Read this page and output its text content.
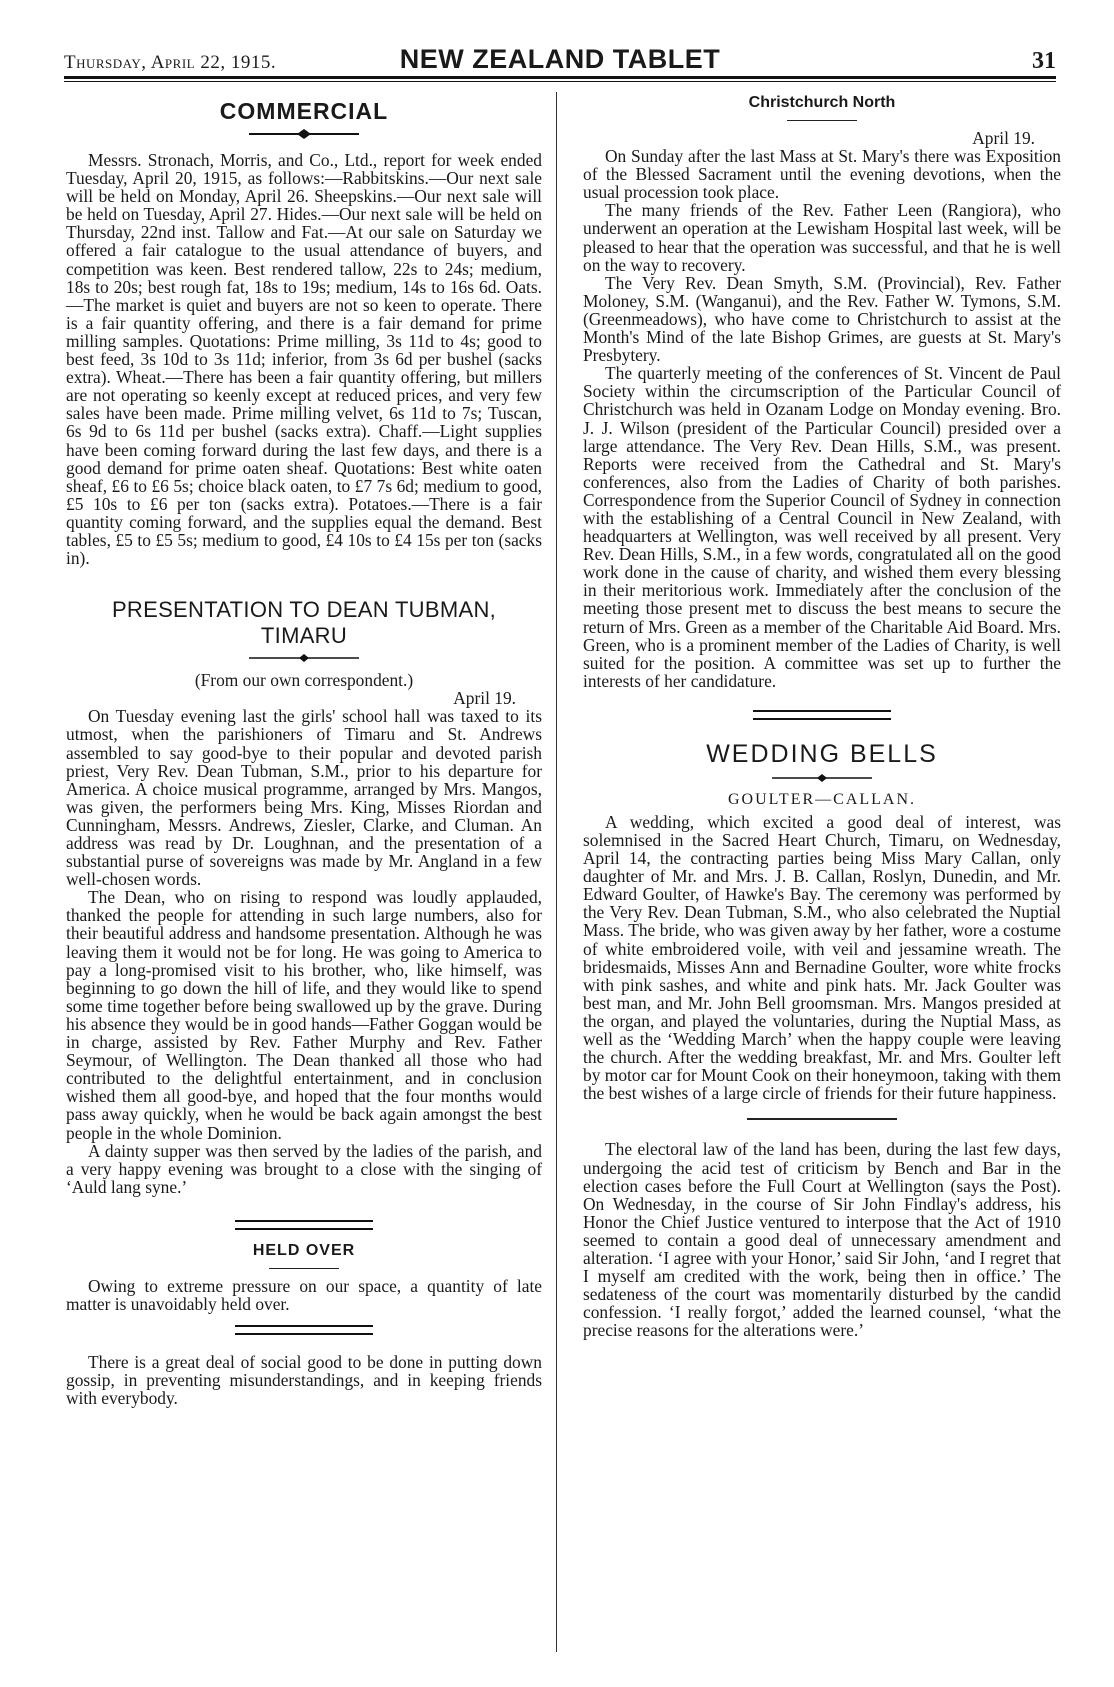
Thursday, April 22, 1915.	NEW ZEALAND TABLET	31
COMMERCIAL

Messrs. Stronach, Morris, and Co., Ltd., report for week ended Tuesday, April 20, 1915, as follows:—Rabbitskins.—Our next sale will be held on Monday, April 26. Sheepskins.—Our next sale will be held on Tuesday, April 27. Hides.—Our next sale will be held on Thursday, 22nd inst. Tallow and Fat.—At our sale on Saturday we offered a fair catalogue to the usual attendance of buyers, and competition was keen. Best rendered tallow, 22s to 24s; medium, 18s to 20s; best rough fat, 18s to 19s; medium, 14s to 16s 6d. Oats.—The market is quiet and buyers are not so keen to operate. There is a fair quantity offering, and there is a fair demand for prime milling samples. Quotations: Prime milling, 3s 11d to 4s; good to best feed, 3s 10d to 3s 11d; inferior, from 3s 6d per bushel (sacks extra). Wheat.—There has been a fair quantity offering, but millers are not operating so keenly except at reduced prices, and very few sales have been made. Prime milling velvet, 6s 11d to 7s; Tuscan, 6s 9d to 6s 11d per bushel (sacks extra). Chaff.—Light supplies have been coming forward during the last few days, and there is a good demand for prime oaten sheaf. Quotations: Best white oaten sheaf, £6 to £6 5s; choice black oaten, to £7 7s 6d; medium to good, £5 10s to £6 per ton (sacks extra). Potatoes.—There is a fair quantity coming forward, and the supplies equal the demand. Best tables, £5 to £5 5s; medium to good, £4 10s to £4 15s per ton (sacks in).

PRESENTATION TO DEAN TUBMAN, TIMARU
(From our own correspondent.)
April 19.

On Tuesday evening last the girls' school hall was taxed to its utmost, when the parishioners of Timaru and St. Andrews assembled to say good-bye to their popular and devoted parish priest, Very Rev. Dean Tubman, S.M., prior to his departure for America. A choice musical programme, arranged by Mrs. Mangos, was given, the performers being Mrs. King, Misses Riordan and Cunningham, Messrs. Andrews, Ziesler, Clarke, and Cluman. An address was read by Dr. Loughnan, and the presentation of a substantial purse of sovereigns was made by Mr. Angland in a few well-chosen words.

The Dean, who on rising to respond was loudly applauded, thanked the people for attending in such large numbers, also for their beautiful address and handsome presentation. Although he was leaving them it would not be for long. He was going to America to pay a long-promised visit to his brother, who, like himself, was beginning to go down the hill of life, and they would like to spend some time together before being swallowed up by the grave. During his absence they would be in good hands—Father Goggan would be in charge, assisted by Rev. Father Murphy and Rev. Father Seymour, of Wellington. The Dean thanked all those who had contributed to the delightful entertainment, and in conclusion wished them all good-bye, and hoped that the four months would pass away quickly, when he would be back again amongst the best people in the whole Dominion.

A dainty supper was then served by the ladies of the parish, and a very happy evening was brought to a close with the singing of ‘Auld lang syne.’

HELD OVER

Owing to extreme pressure on our space, a quantity of late matter is unavoidably held over.

There is a great deal of social good to be done in putting down gossip, in preventing misunderstandings, and in keeping friends with everybody.

Christchurch North
April 19.

On Sunday after the last Mass at St. Mary's there was Exposition of the Blessed Sacrament until the evening devotions, when the usual procession took place.

The many friends of the Rev. Father Leen (Rangiora), who underwent an operation at the Lewisham Hospital last week, will be pleased to hear that the operation was successful, and that he is well on the way to recovery.

The Very Rev. Dean Smyth, S.M. (Provincial), Rev. Father Moloney, S.M. (Wanganui), and the Rev. Father W. Tymons, S.M. (Greenmeadows), who have come to Christchurch to assist at the Month's Mind of the late Bishop Grimes, are guests at St. Mary's Presbytery.

The quarterly meeting of the conferences of St. Vincent de Paul Society within the circumscription of the Particular Council of Christchurch was held in Ozanam Lodge on Monday evening. Bro. J. J. Wilson (president of the Particular Council) presided over a large attendance. The Very Rev. Dean Hills, S.M., was present. Reports were received from the Cathedral and St. Mary's conferences, also from the Ladies of Charity of both parishes. Correspondence from the Superior Council of Sydney in connection with the establishing of a Central Council in New Zealand, with headquarters at Wellington, was well received by all present. Very Rev. Dean Hills, S.M., in a few words, congratulated all on the good work done in the cause of charity, and wished them every blessing in their meritorious work. Immediately after the conclusion of the meeting those present met to discuss the best means to secure the return of Mrs. Green as a member of the Charitable Aid Board. Mrs. Green, who is a prominent member of the Ladies of Charity, is well suited for the position. A committee was set up to further the interests of her candidature.

WEDDING BELLS
GOULTER—CALLAN.

A wedding, which excited a good deal of interest, was solemnised in the Sacred Heart Church, Timaru, on Wednesday, April 14, the contracting parties being Miss Mary Callan, only daughter of Mr. and Mrs. J. B. Callan, Roslyn, Dunedin, and Mr. Edward Goulter, of Hawke's Bay. The ceremony was performed by the Very Rev. Dean Tubman, S.M., who also celebrated the Nuptial Mass. The bride, who was given away by her father, wore a costume of white embroidered voile, with veil and jessamine wreath. The bridesmaids, Misses Ann and Bernadine Goulter, wore white frocks with pink sashes, and white and pink hats. Mr. Jack Goulter was best man, and Mr. John Bell groomsman. Mrs. Mangos presided at the organ, and played the voluntaries, during the Nuptial Mass, as well as the ‘Wedding March’ when the happy couple were leaving the church. After the wedding breakfast, Mr. and Mrs. Goulter left by motor car for Mount Cook on their honeymoon, taking with them the best wishes of a large circle of friends for their future happiness.

The electoral law of the land has been, during the last few days, undergoing the acid test of criticism by Bench and Bar in the election cases before the Full Court at Wellington (says the Post). On Wednesday, in the course of Sir John Findlay's address, his Honor the Chief Justice ventured to interpose that the Act of 1910 seemed to contain a good deal of unnecessary amendment and alteration. ‘I agree with your Honor,’ said Sir John, ‘and I regret that I myself am credited with the work, being then in office.’ The sedateness of the court was momentarily disturbed by the candid confession. ‘I really forgot,’ added the learned counsel, ‘what the precise reasons for the alterations were.’
